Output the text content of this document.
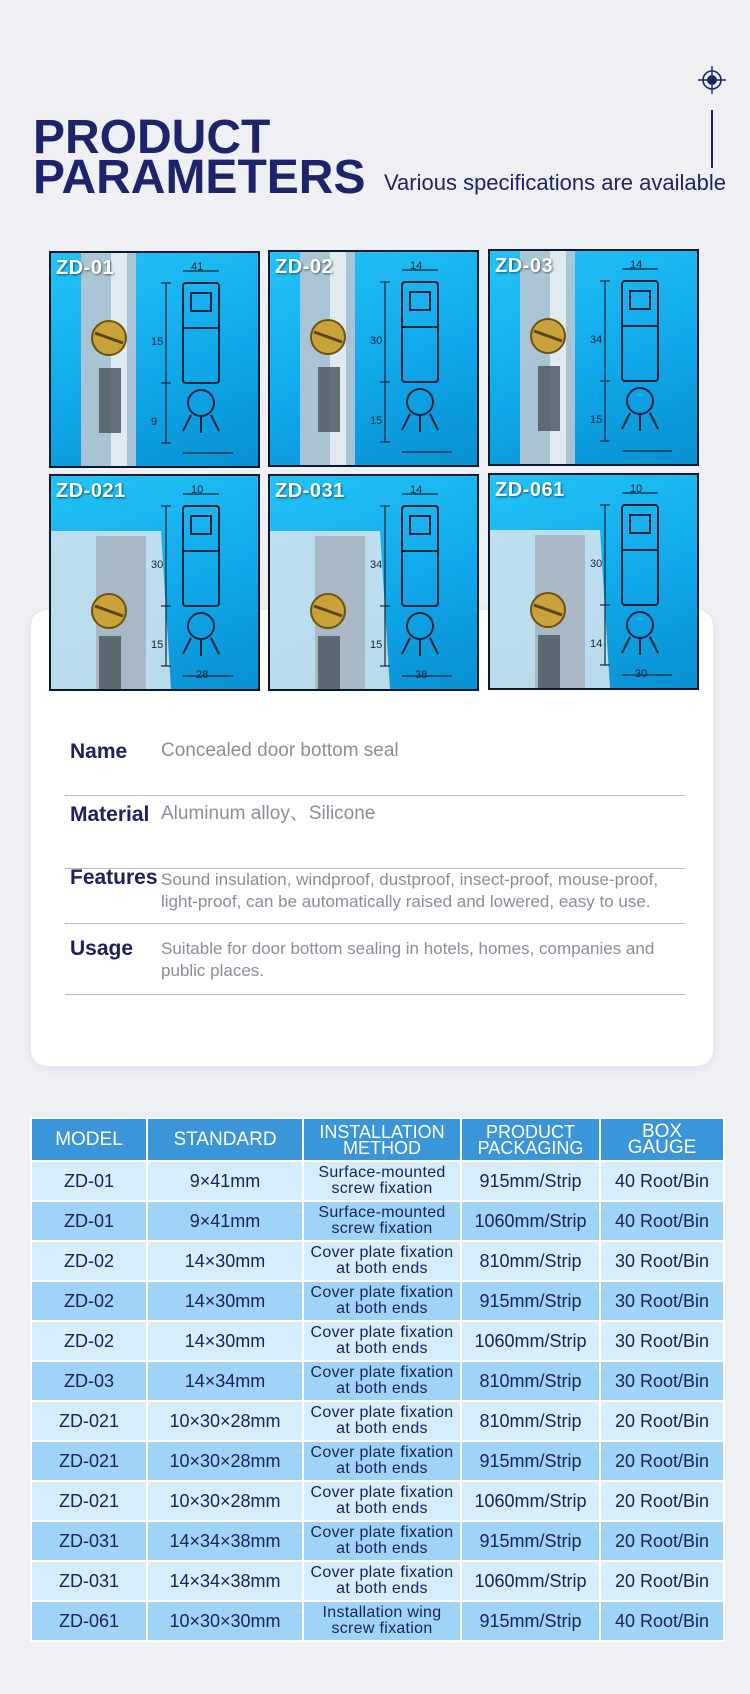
PRODUCT
PARAMETERS Various specifications are available
41
15
9
ZD-01	14
30
15
ZD-02	14
34
15
ZD-03
10
30
15
28
ZD-021	14
34
15
38
ZD-031	10
30
14
30
ZD-061
Name Concealed door bottom seal
Material Aluminum alloy、Silicone
Features Sound insulation, windproof, dustproof, insect-proof, mouse-proof, light-proof, can be automatically raised and lowered, easy to use.
Usage Suitable for door bottom sealing in hotels, homes, companies and public places.
MODEL	STANDARD	INSTALLATION METHOD	PRODUCT PACKAGING	BOX GAUGE
ZD-01	9×41mm	Surface-mounted screw fixation	915mm/Strip	40 Root/Bin
ZD-01	9×41mm	Surface-mounted screw fixation	1060mm/Strip	40 Root/Bin
ZD-02	14×30mm	Cover plate fixation at both ends	810mm/Strip	30 Root/Bin
ZD-02	14×30mm	Cover plate fixation at both ends	915mm/Strip	30 Root/Bin
ZD-02	14×30mm	Cover plate fixation at both ends	1060mm/Strip	30 Root/Bin
ZD-03	14×34mm	Cover plate fixation at both ends	810mm/Strip	30 Root/Bin
ZD-021	10×30×28mm	Cover plate fixation at both ends	810mm/Strip	20 Root/Bin
ZD-021	10×30×28mm	Cover plate fixation at both ends	915mm/Strip	20 Root/Bin
ZD-021	10×30×28mm	Cover plate fixation at both ends	1060mm/Strip	20 Root/Bin
ZD-031	14×34×38mm	Cover plate fixation at both ends	915mm/Strip	20 Root/Bin
ZD-031	14×34×38mm	Cover plate fixation at both ends	1060mm/Strip	20 Root/Bin
ZD-061	10×30×30mm	Installation wing screw fixation	915mm/Strip	40 Root/Bin
